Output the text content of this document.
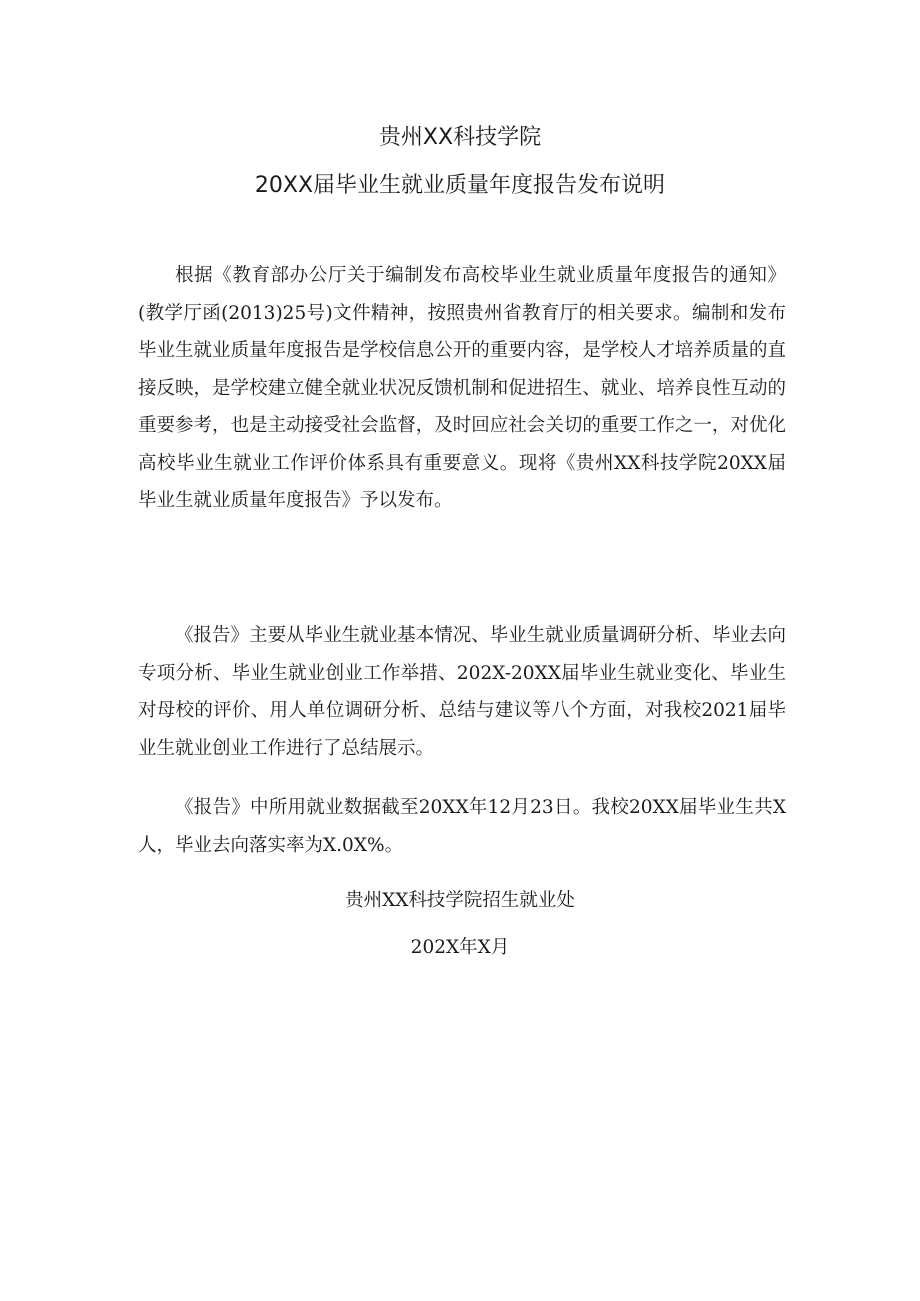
贵州XX科技学院
20XX届毕业生就业质量年度报告发布说明

根据《教育部办公厅关于编制发布高校毕业生就业质量年度报告的通知》(教学厅函(2013)25号)文件精神，按照贵州省教育厅的相关要求。编制和发布毕业生就业质量年度报告是学校信息公开的重要内容，是学校人才培养质量的直接反映，是学校建立健全就业状况反馈机制和促进招生、就业、培养良性互动的重要参考，也是主动接受社会监督，及时回应社会关切的重要工作之一，对优化高校毕业生就业工作评价体系具有重要意义。现将《贵州XX科技学院20XX届毕业生就业质量年度报告》予以发布。

《报告》主要从毕业生就业基本情况、毕业生就业质量调研分析、毕业去向专项分析、毕业生就业创业工作举措、202X-20XX届毕业生就业变化、毕业生对母校的评价、用人单位调研分析、总结与建议等八个方面，对我校2021届毕业生就业创业工作进行了总结展示。

《报告》中所用就业数据截至20XX年12月23日。我校20XX届毕业生共X人，毕业去向落实率为X.0X%。

贵州XX科技学院招生就业处

202X年X月
